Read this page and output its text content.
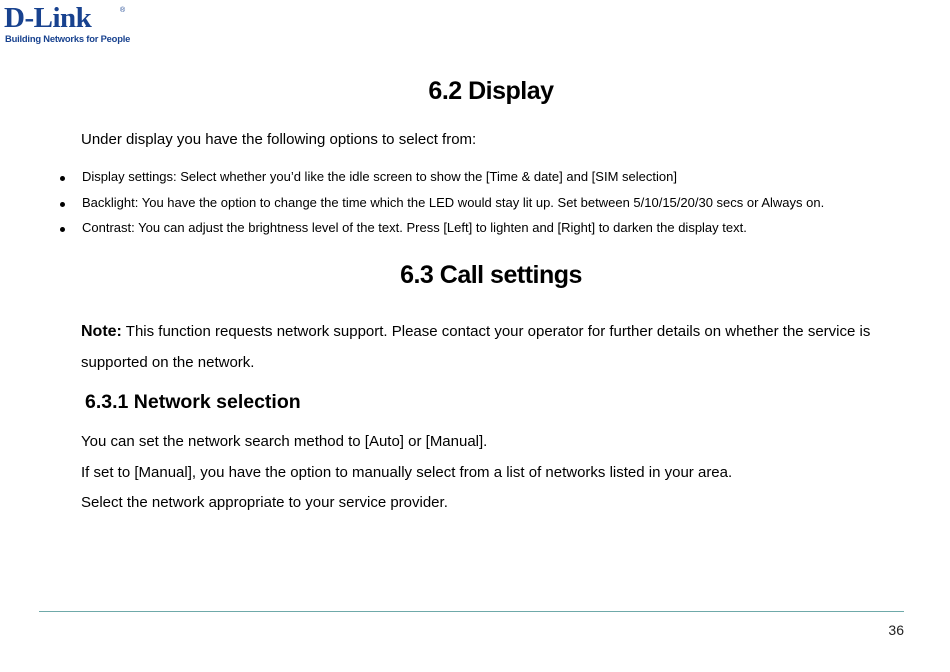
D-Link	®
Building Networks for People
6.2 Display

Under display you have the following options to select from:

Display settings: Select whether you’d like the idle screen to show the [Time & date] and [SIM selection]
Backlight: You have the option to change the time which the LED would stay lit up. Set between 5/10/15/20/30 secs or Always on.
Contrast: You can adjust the brightness level of the text. Press [Left] to lighten and [Right] to darken the display text.
6.3 Call settings

Note: This function requests network support. Please contact your operator for further details on whether the service is supported on the network.

6.3.1 Network selection
You can set the network search method to [Auto] or [Manual].
If set to [Manual], you have the option to manually select from a list of networks listed in your area.
Select the network appropriate to your service provider.
36
